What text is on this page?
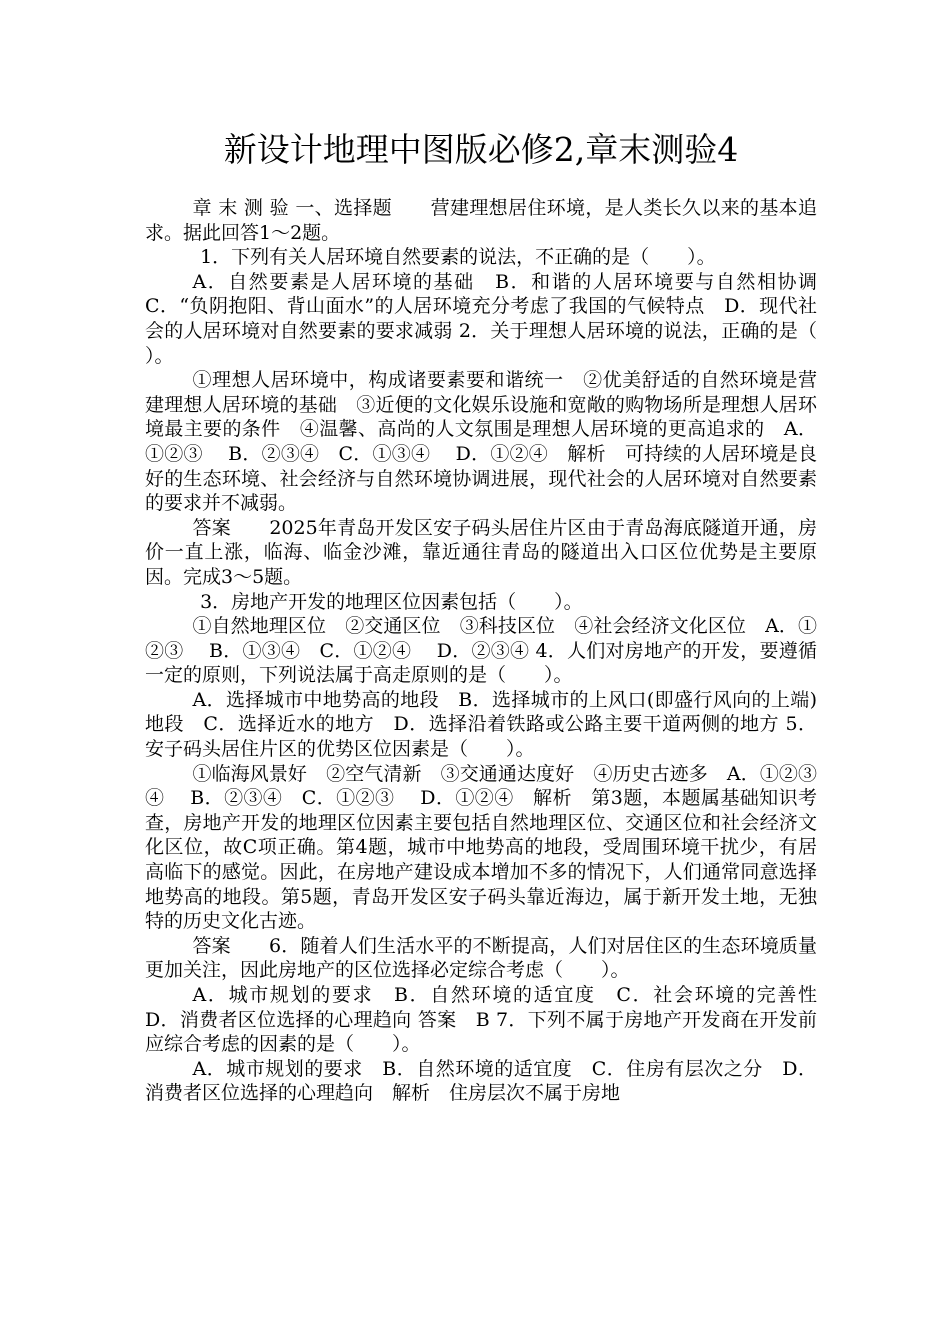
新设计地理中图版必修2,章末测验4

章 末 测 验 一、选择题　　营建理想居住环境，是人类长久以来的基本追求。据此回答1～2题。

1．下列有关人居环境自然要素的说法，不正确的是（　　）。

A．自然要素是人居环境的基础　B．和谐的人居环境要与自然相协调　C．“负阴抱阳、背山面水”的人居环境充分考虑了我国的气候特点　D．现代社会的人居环境对自然要素的要求减弱 2．关于理想人居环境的说法，正确的是（　　）。

①理想人居环境中，构成诸要素要和谐统一　②优美舒适的自然环境是营建理想人居环境的基础　③近便的文化娱乐设施和宽敞的购物场所是理想人居环境最主要的条件　④温馨、高尚的人文氛围是理想人居环境的更高追求的　A．①②③　 B．②③④　C．①③④　 D．①②④　解析　可持续的人居环境是良好的生态环境、社会经济与自然环境协调进展，现代社会的人居环境对自然要素的要求并不减弱。

答案　　2025年青岛开发区安子码头居住片区由于青岛海底隧道开通，房价一直上涨，临海、临金沙滩，靠近通往青岛的隧道出入口区位优势是主要原因。完成3～5题。

3．房地产开发的地理区位因素包括（　　）。

①自然地理区位　②交通区位　③科技区位　④社会经济文化区位　A．①②③　 B．①③④　C．①②④　 D．②③④ 4．人们对房地产的开发，要遵循一定的原则，下列说法属于高走原则的是（　　）。

A．选择城市中地势高的地段　B．选择城市的上风口(即盛行风向的上端)地段　C．选择近水的地方　D．选择沿着铁路或公路主要干道两侧的地方 5．安子码头居住片区的优势区位因素是（　　）。

①临海风景好　②空气清新　③交通通达度好　④历史古迹多　A．①②③④　 B．②③④　C．①②③　 D．①②④　解析　第3题，本题属基础知识考查，房地产开发的地理区位因素主要包括自然地理区位、交通区位和社会经济文化区位，故C项正确。第4题，城市中地势高的地段，受周围环境干扰少，有居高临下的感觉。因此，在房地产建设成本增加不多的情况下，人们通常同意选择地势高的地段。第5题，青岛开发区安子码头靠近海边，属于新开发土地，无独特的历史文化古迹。

答案　　6．随着人们生活水平的不断提高，人们对居住区的生态环境质量更加关注，因此房地产的区位选择必定综合考虑（　　）。

A．城市规划的要求　B．自然环境的适宜度　C．社会环境的完善性　D．消费者区位选择的心理趋向 答案　B 7．下列不属于房地产开发商在开发前应综合考虑的因素的是（　　）。

A．城市规划的要求　B．自然环境的适宜度　C．住房有层次之分　D．消费者区位选择的心理趋向　解析　住房层次不属于房地
